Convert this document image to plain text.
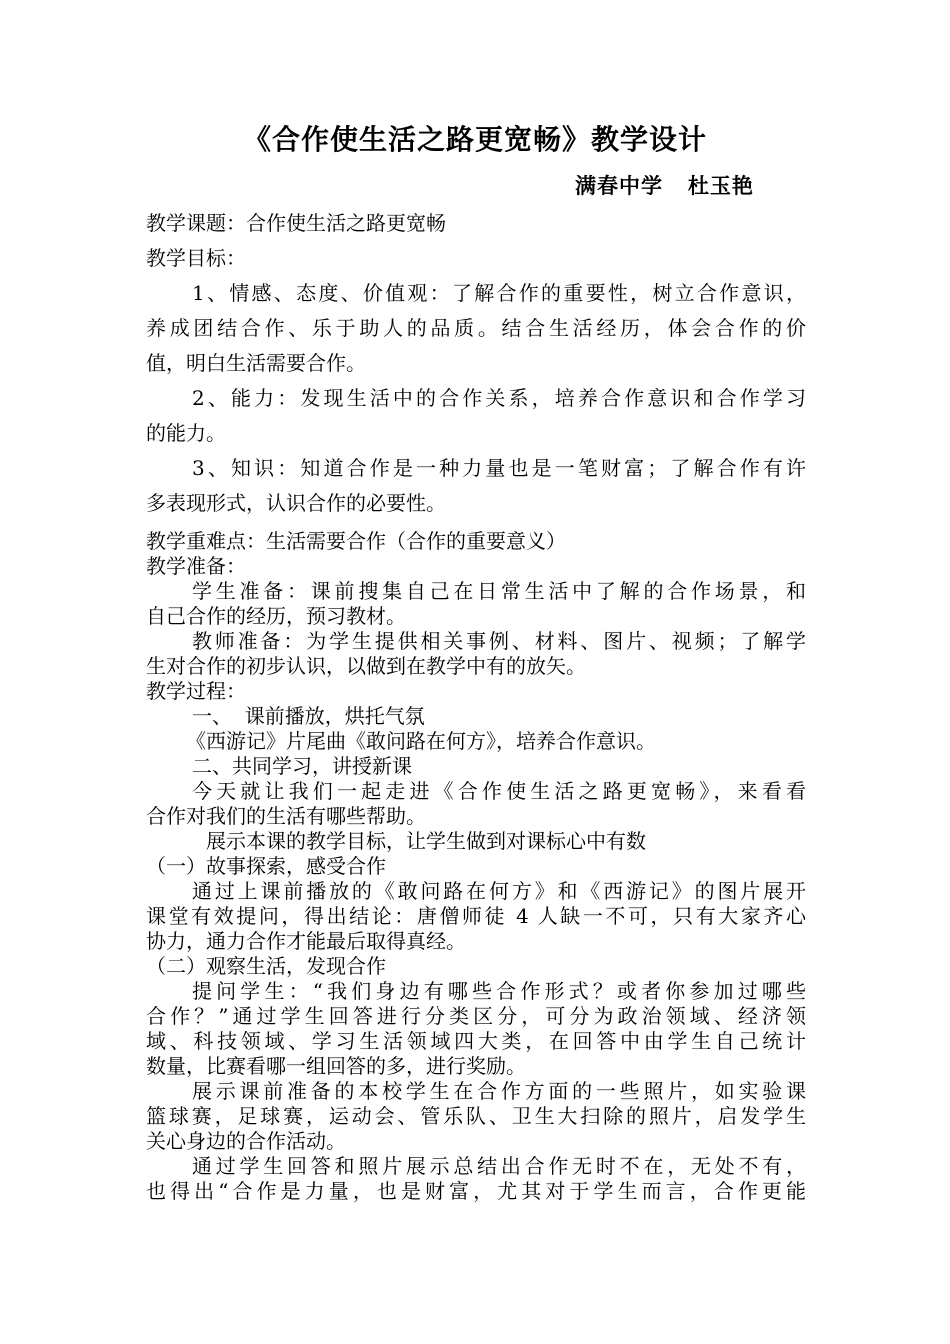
《合作使生活之路更宽畅》教学设计
满春中学   杜玉艳
教学课题：合作使生活之路更宽畅
教学目标：
1、情感、态度、价值观：了解合作的重要性，树立合作意识，
养成团结合作、乐于助人的品质。结合生活经历，体会合作的价
值，明白生活需要合作。
2、能力：发现生活中的合作关系，培养合作意识和合作学习
的能力。
3、知识：知道合作是一种力量也是一笔财富；了解合作有许
多表现形式，认识合作的必要性。
教学重难点：生活需要合作（合作的重要意义）
教学准备：
学生准备：课前搜集自己在日常生活中了解的合作场景，和
自己合作的经历，预习教材。
教师准备：为学生提供相关事例、材料、图片、视频；了解学
生对合作的初步认识，以做到在教学中有的放矢。
教学过程：
一、  课前播放，烘托气氛
《西游记》片尾曲《敢问路在何方》，培养合作意识。
二、共同学习，讲授新课
今天就让我们一起走进《合作使生活之路更宽畅》，来看看
合作对我们的生活有哪些帮助。
展示本课的教学目标，让学生做到对课标心中有数
（一）故事探索，感受合作
通过上课前播放的《敢问路在何方》和《西游记》的图片展开
课堂有效提问，得出结论：唐僧师徒 4 人缺一不可，只有大家齐心
协力，通力合作才能最后取得真经。
（二）观察生活，发现合作
提问学生：“我们身边有哪些合作形式？或者你参加过哪些
合作？”通过学生回答进行分类区分，可分为政治领域、经济领
域、科技领域、学习生活领域四大类，在回答中由学生自己统计
数量，比赛看哪一组回答的多，进行奖励。
展示课前准备的本校学生在合作方面的一些照片，如实验课
篮球赛，足球赛，运动会、管乐队、卫生大扫除的照片，启发学生
关心身边的合作活动。
通过学生回答和照片展示总结出合作无时不在，无处不有，
也得出“合作是力量，也是财富，尤其对于学生而言，合作更能
